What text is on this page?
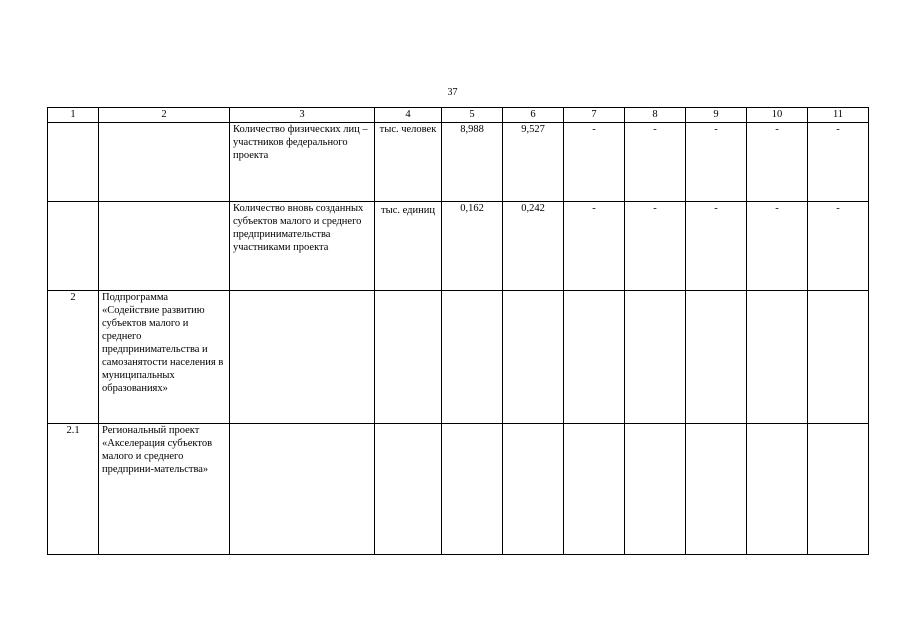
37
1	2	3	4	5	6	7	8	9	10	11
		Количество физических лиц – участников федерального проекта	тыс. человек	8,988	9,527	-	-	-	-	-
		Количество вновь созданных субъектов малого и среднего предпринимательства участниками проекта	тыс. единиц	0,162	0,242	-	-	-	-	-
2	Подпрограмма «Содействие развитию субъектов малого и среднего предпринимательства и самозанятости населения в муниципальных образованиях»									
2.1	Региональный проект «Акселерация субъектов малого и среднего предприни-мательства»									
